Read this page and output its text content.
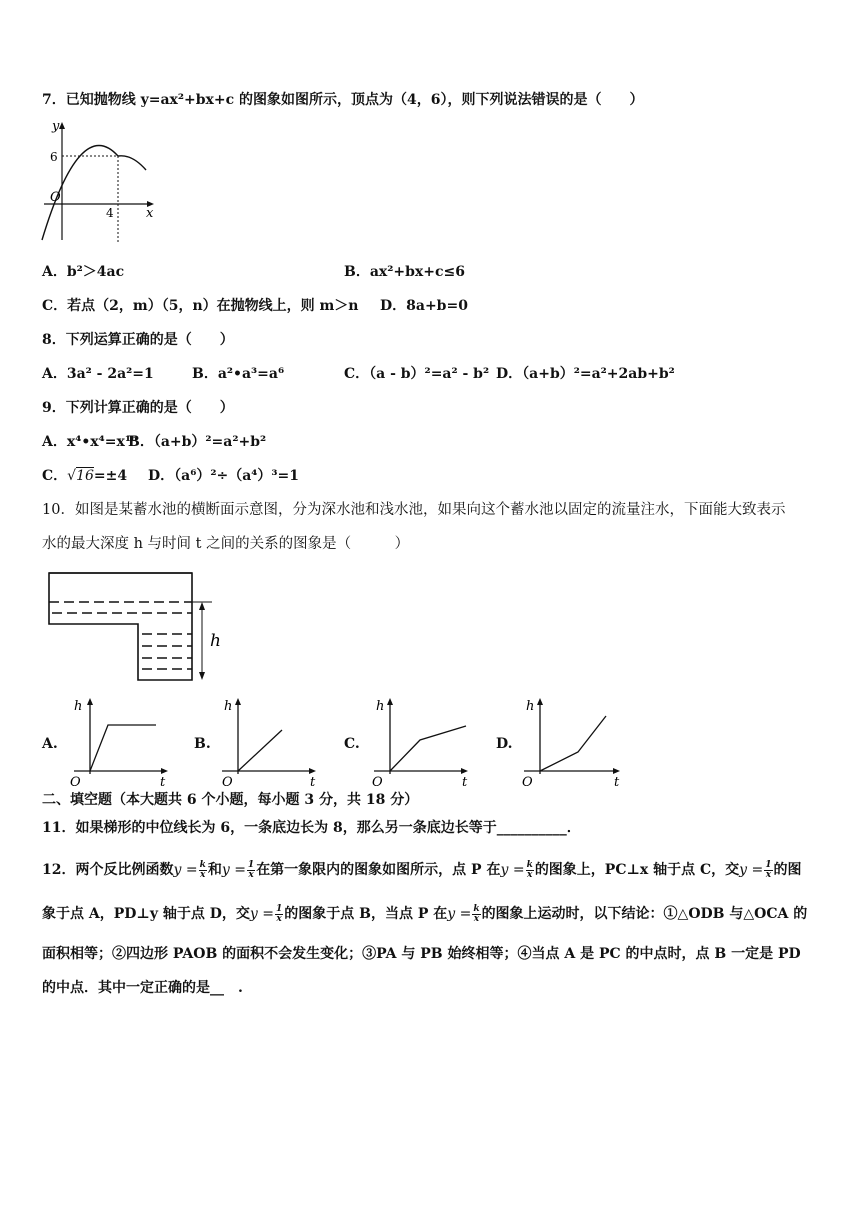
7．已知抛物线 y=ax²+bx+c 的图象如图所示，顶点为（4，6），则下列说法错误的是（　　）
y
x
O
6
4
A．b²＞4ac	B．ax²+bx+c≤6
C．若点（2，m）（5，n）在抛物线上，则 m＞n D．8a+b=0
8．下列运算正确的是（　　）
A．3a² - 2a²=1	B．a²•a³=a⁶	C．（a - b）²=a² - b² D．（a+b）²=a²+2ab+b²
9．下列计算正确的是（　　）
A．x⁴•x⁴=x¹⁶
B．（a+b）²=a²+b²
C．√16=±4 D．（a⁶）²÷（a⁴）³=1
10．如图是某蓄水池的横断面示意图，分为深水池和浅水池，如果向这个蓄水池以固定的流量注水，下面能大致表示
水的最大深度 h 与时间 t 之间的关系的图象是（　　　）
h
A.
h
t
O
B.
h
t
O
C.
h
t
O
D.
h
t
O
二、填空题（本大题共 6 个小题，每小题 3 分，共 18 分）
11．如果梯形的中位线长为 6，一条底边长为 8，那么另一条底边长等于__________．
12．两个反比例函数$y = \frac{k}{x}$ 和$y = \frac{1}{x}$ 在第一象限内的图象如图所示，点 P 在$y = \frac{k}{x}$ 的图象上，PC⊥x 轴于点 C，交$y = \frac{1}{x}$ 的图
象于点 A，PD⊥y 轴于点 D，交$y = \frac{1}{x}$ 的图象于点 B，当点 P 在$y = \frac{k}{x}$ 的图象上运动时，以下结论：①△ODB 与△OCA 的
面积相等；②四边形 PAOB 的面积不会发生变化；③PA 与 PB 始终相等；④当点 A 是 PC 的中点时，点 B 一定是 PD
的中点．其中一定正确的是__　.
